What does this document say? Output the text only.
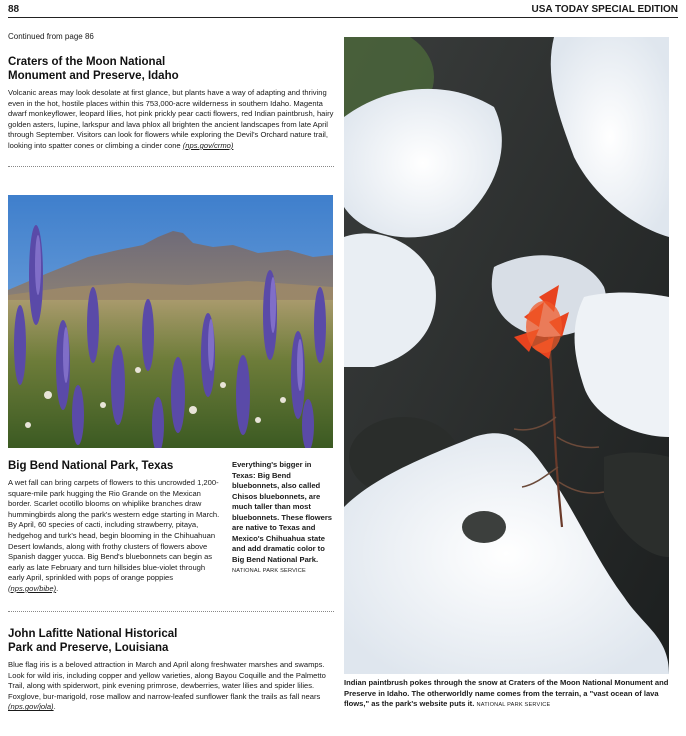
88	USA TODAY SPECIAL EDITION
Continued from page 86
Craters of the Moon National
Monument and Preserve, Idaho

Volcanic areas may look desolate at first glance, but plants have a way of adapting and thriving even in the hot, hostile places within this 753,000-acre wilderness in southern Idaho. Magenta dwarf monkeyflower, leopard lilies, hot pink prickly pear cacti flowers, red Indian paintbrush, hairy golden asters, lupine, larkspur and lava phlox all brighten the ancient landscapes from late April through September. Visitors can look for flowers while exploring the Devil's Orchard nature trail, looking into spatter cones or climbing a cinder cone (nps.gov/crmo)

Big Bend National Park, Texas

A wet fall can bring carpets of flowers to this uncrowded 1,200-square-mile park hugging the Rio Grande on the Mexican border. Scarlet ocotillo blooms on whiplike branches draw hummingbirds along the park's western edge starting in March. By April, 60 species of cacti, including strawberry, pitaya, hedgehog and turk's head, begin blooming in the Chihuahuan Desert lowlands, along with frothy clusters of flowers above Spanish dagger yucca. Big Bend's bluebonnets can begin as early as late February and turn hillsides blue-violet through early April, sprinkled with pops of orange poppies (nps.gov/bibe).

Everything's bigger in Texas: Big Bend bluebonnets, also called Chisos bluebonnets, are much taller than most bluebonnets. These flowers are native to Texas and Mexico's Chihuahua state and add dramatic color to Big Bend National Park. NATIONAL PARK SERVICE
John Lafitte National Historical
Park and Preserve, Louisiana

Blue flag iris is a beloved attraction in March and April along freshwater marshes and swamps. Look for wild iris, including copper and yellow varieties, along Bayou Coquille and the Palmetto Trail, along with spiderwort, pink evening primrose, dewberries, water lilies and spider lilies. Foxglove, bur-marigold, rose mallow and narrow-leafed sunflower flank the trails as fall nears (nps.gov/jola).

Indian paintbrush pokes through the snow at Craters of the Moon National Monument and Preserve in Idaho. The otherworldly name comes from the terrain, a "vast ocean of lava flows," as the park's website puts it. NATIONAL PARK SERVICE
